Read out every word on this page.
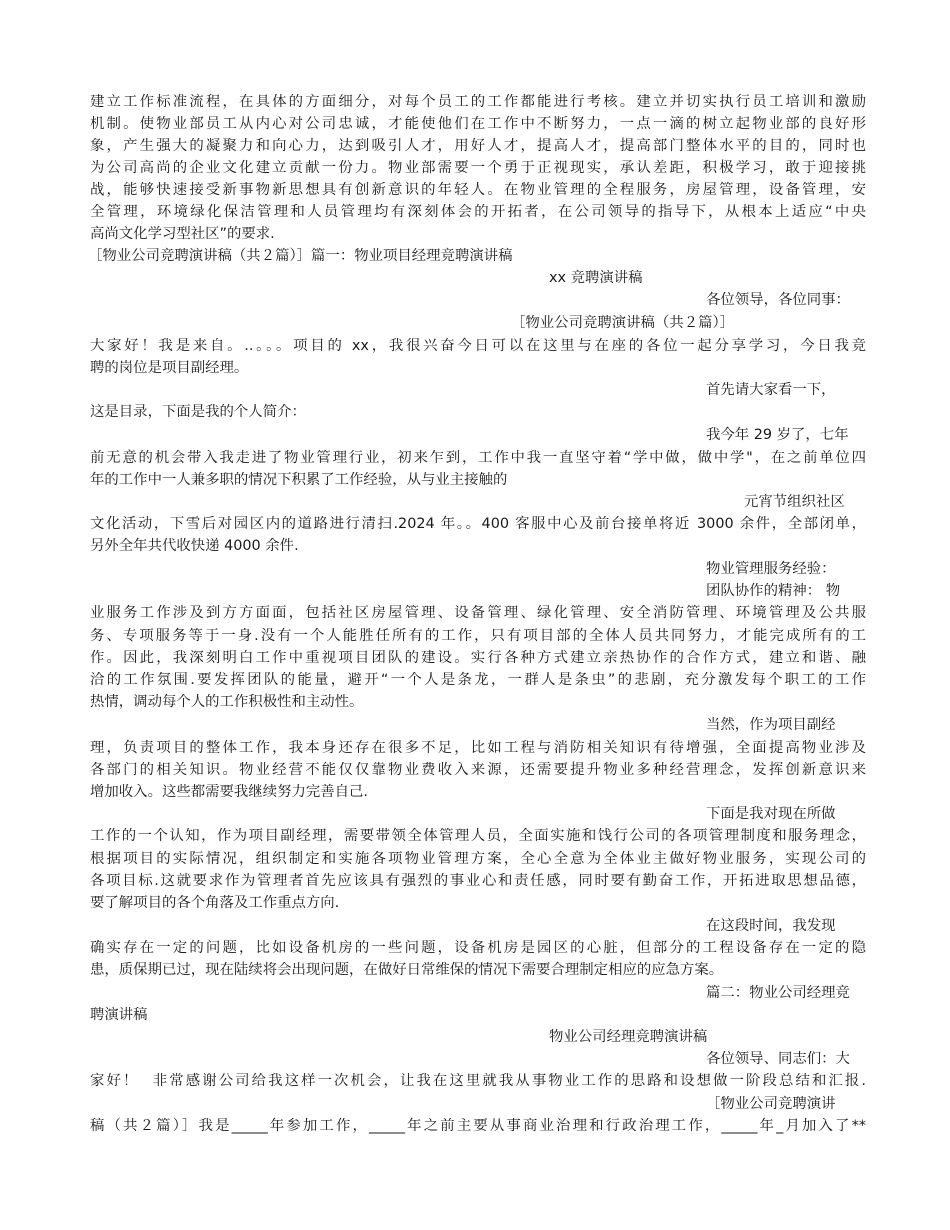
建立工作标准流程，在具体的方面细分，对每个员工的工作都能进行考核。建立并切实执行员工培训和激励
机制。使物业部员工从内心对公司忠诚，才能使他们在工作中不断努力，一点一滴的树立起物业部的良好形
象，产生强大的凝聚力和向心力，达到吸引人才，用好人才，提高人才，提高部门整体水平的目的，同时也
为公司高尚的企业文化建立贡献一份力。物业部需要一个勇于正视现实，承认差距，积极学习，敢于迎接挑
战，能够快速接受新事物新思想具有创新意识的年轻人。在物业管理的全程服务，房屋管理，设备管理，安
全管理，环境绿化保洁管理和人员管理均有深刻体会的开拓者，在公司领导的指导下，从根本上适应“中央
高尚文化学习型社区”的要求.
［物业公司竞聘演讲稿（共２篇）］篇一：物业项目经理竞聘演讲稿
xx 竞聘演讲稿
各位领导，各位同事：
［物业公司竞聘演讲稿（共２篇）］
大家好！我是来自。..。。。项目的 xx，我很兴奋今日可以在这里与在座的各位一起分享学习，今日我竞
聘的岗位是项目副经理。
首先请大家看一下，
这是目录，下面是我的个人简介：
我今年 29 岁了，七年
前无意的机会带入我走进了物业管理行业，初来乍到，工作中我一直坚守着“学中做，做中学"，在之前单位四
年的工作中一人兼多职的情况下积累了工作经验，从与业主接触的
元宵节组织社区
文化活动，下雪后对园区内的道路进行清扫.2024 年。。400 客服中心及前台接单将近 3000 余件，全部闭单，
另外全年共代收快递 4000 余件.
物业管理服务经验：
团队协作的精神： 物
业服务工作涉及到方方面面，包括社区房屋管理、设备管理、绿化管理、安全消防管理、环境管理及公共服
务、专项服务等于一身.没有一个人能胜任所有的工作，只有项目部的全体人员共同努力，才能完成所有的工
作。因此，我深刻明白工作中重视项目团队的建设。实行各种方式建立亲热协作的合作方式，建立和谐、融
洽的工作氛围.要发挥团队的能量，避开“一个人是条龙，一群人是条虫”的悲剧，充分激发每个职工的工作
热情，调动每个人的工作积极性和主动性。
当然，作为项目副经
理，负责项目的整体工作，我本身还存在很多不足，比如工程与消防相关知识有待增强，全面提高物业涉及
各部门的相关知识。物业经营不能仅仅靠物业费收入来源，还需要提升物业多种经营理念，发挥创新意识来
增加收入。这些都需要我继续努力完善自己.
下面是我对现在所做
工作的一个认知，作为项目副经理，需要带领全体管理人员，全面实施和饯行公司的各项管理制度和服务理念，
根据项目的实际情况，组织制定和实施各项物业管理方案，全心全意为全体业主做好物业服务，实现公司的
各项目标.这就要求作为管理者首先应该具有强烈的事业心和责任感，同时要有勤奋工作，开拓进取思想品德，
要了解项目的各个角落及工作重点方向.
在这段时间，我发现
确实存在一定的问题，比如设备机房的一些问题，设备机房是园区的心脏，但部分的工程设备存在一定的隐
患，质保期已过，现在陆续将会出现问题，在做好日常维保的情况下需要合理制定相应的应急方案。
篇二：物业公司经理竞
聘演讲稿
物业公司经理竞聘演讲稿
各位领导、同志们：大
家好！  非常感谢公司给我这样一次机会，让我在这里就我从事物业工作的思路和设想做一阶段总结和汇报.
［物业公司竞聘演讲
稿（共２篇）］我是_____年参加工作，_____年之前主要从事商业治理和行政治理工作，_____年_月加入了**
